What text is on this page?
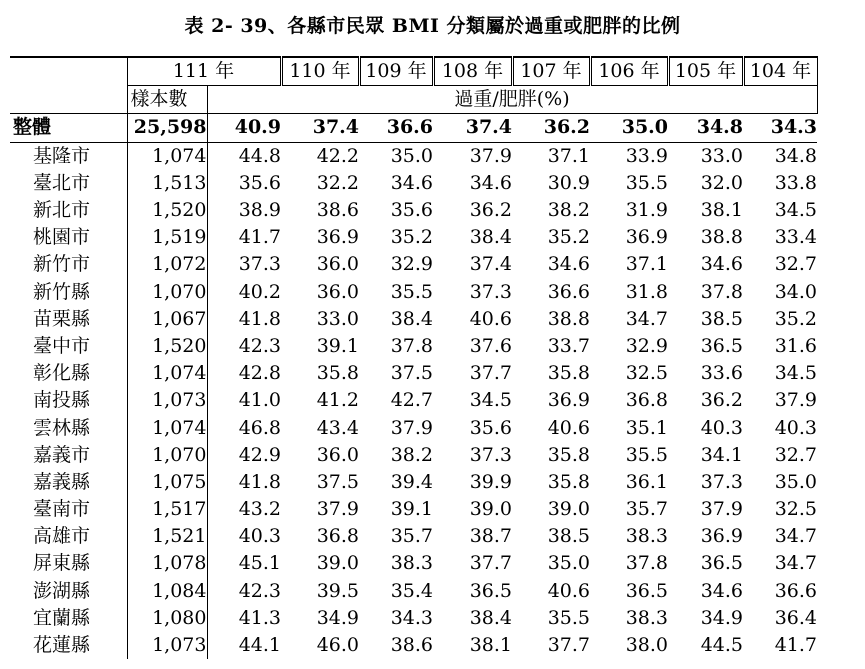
表 2- 39、各縣市民眾 BMI 分類屬於過重或肥胖的比例
	111 年		110 年	109 年	108 年	107 年	106 年	105 年	104 年
	樣本數	過重/肥胖(%)							
整體	25,598	40.9	37.4	36.6	37.4	36.2	35.0	34.8	34.3
基隆市	1,074	44.8	42.2	35.0	37.9	37.1	33.9	33.0	34.8
臺北市	1,513	35.6	32.2	34.6	34.6	30.9	35.5	32.0	33.8
新北市	1,520	38.9	38.6	35.6	36.2	38.2	31.9	38.1	34.5
桃園市	1,519	41.7	36.9	35.2	38.4	35.2	36.9	38.8	33.4
新竹市	1,072	37.3	36.0	32.9	37.4	34.6	37.1	34.6	32.7
新竹縣	1,070	40.2	36.0	35.5	37.3	36.6	31.8	37.8	34.0
苗栗縣	1,067	41.8	33.0	38.4	40.6	38.8	34.7	38.5	35.2
臺中市	1,520	42.3	39.1	37.8	37.6	33.7	32.9	36.5	31.6
彰化縣	1,074	42.8	35.8	37.5	37.7	35.8	32.5	33.6	34.5
南投縣	1,073	41.0	41.2	42.7	34.5	36.9	36.8	36.2	37.9
雲林縣	1,074	46.8	43.4	37.9	35.6	40.6	35.1	40.3	40.3
嘉義市	1,070	42.9	36.0	38.2	37.3	35.8	35.5	34.1	32.7
嘉義縣	1,075	41.8	37.5	39.4	39.9	35.8	36.1	37.3	35.0
臺南市	1,517	43.2	37.9	39.1	39.0	39.0	35.7	37.9	32.5
高雄市	1,521	40.3	36.8	35.7	38.7	38.5	38.3	36.9	34.7
屏東縣	1,078	45.1	39.0	38.3	37.7	35.0	37.8	36.5	34.7
澎湖縣	1,084	42.3	39.5	35.4	36.5	40.6	36.5	34.6	36.6
宜蘭縣	1,080	41.3	34.9	34.3	38.4	35.5	38.3	34.9	36.4
花蓮縣	1,073	44.1	46.0	38.6	38.1	37.7	38.0	44.5	41.7
